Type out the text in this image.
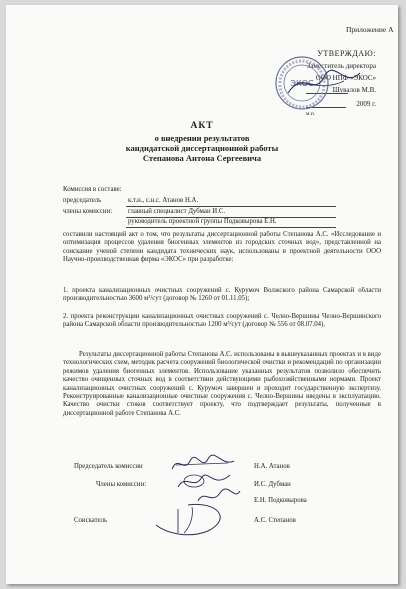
Приложение А
УТВЕРЖДАЮ:
Заместитель директора
ООО НПФ «ЭКОС»
Шувалов М.В.
2009 г.
м.п.
ЭКОС
АКТ
о внедрении результатов
кандидатской диссертационной работы
Степанова Антона Сергеевича
Комиссия в составе:
председатель	к.т.н., с.н.с. Атанов Н.А.
члены комиссии: главный специалист Дубман И.С.
руководитель проектной группы Подковырова Е.Н.
составили настоящий акт о том, что результаты диссертационной работы Степанова А.С. «Исследование и оптимизация процессов удаления биогенных элементов из городских сточных вод», представленной на соискание ученой степени кандидата технических наук, использованы в проектной деятельности ООО Научно-производственная фирма «ЭКОС» при разработке:
1. проекта канализационных очистных сооружений с. Курумоч Волжского района Самарской области производительностью 3600 м³/сут (договор № 1260 от 01.11.05);
2. проекта реконструкции канализационных очистных сооружений с. Челно-Вершины Челно-Вершинского района Самарской области производительностью 1200 м³/сут (договор № 556 от 08.07.04).
Результаты диссертационной работы Степанова А.С. использованы в вышеуказанных проектах и в виде технологических схем, методик расчета сооружений биологической очистки и рекомендаций по организации режимов удаления биогенных элементов. Использование указанных результатов позволило обеспечить качество очищенных сточных вод в соответствии действующими рыбохозяйственными нормами. Проект канализационных очистных сооружений с. Курумоч завершен и проходит государственную экспертизу. Реконструированные канализационные очистные сооружения с. Челно-Вершины введены в эксплуатацию. Качество очистки стоков соответствует проекту, что подтверждает результаты, полученные в диссертационной работе Степанова А.С.
Председатель комиссии	Н.А. Атанов
Члены комиссии:	И.С. Дубман
Е.Н. Подковырова
Соискатель	А.С. Степанов
